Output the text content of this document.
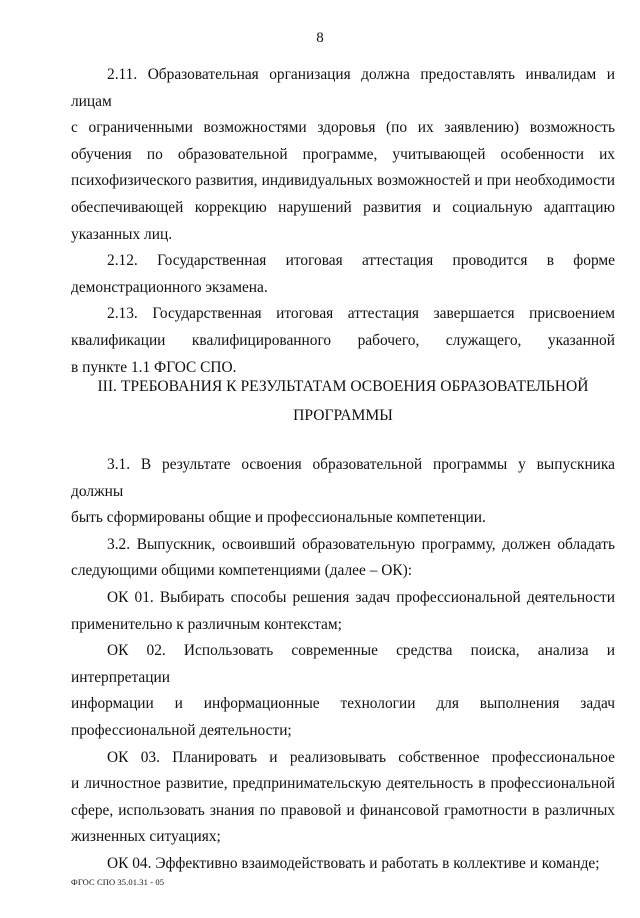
8
2.11. Образовательная организация должна предоставлять инвалидам и лицам
с ограниченными возможностями здоровья (по их заявлению) возможность
обучения по образовательной программе, учитывающей особенности их
психофизического развития, индивидуальных возможностей и при необходимости
обеспечивающей коррекцию нарушений развития и социальную адаптацию
указанных лиц.
2.12. Государственная итоговая аттестация проводится в форме
демонстрационного экзамена.
2.13. Государственная итоговая аттестация завершается присвоением
квалификации квалифицированного рабочего, служащего, указанной
в пункте 1.1 ФГОС СПО.
III. ТРЕБОВАНИЯ К РЕЗУЛЬТАТАМ ОСВОЕНИЯ ОБРАЗОВАТЕЛЬНОЙ
ПРОГРАММЫ
3.1. В результате освоения образовательной программы у выпускника должны
быть сформированы общие и профессиональные компетенции.
3.2. Выпускник, освоивший образовательную программу, должен обладать
следующими общими компетенциями (далее – ОК):
ОК 01. Выбирать способы решения задач профессиональной деятельности
применительно к различным контекстам;
ОК 02. Использовать современные средства поиска, анализа и интерпретации
информации и информационные технологии для выполнения задач
профессиональной деятельности;
ОК 03. Планировать и реализовывать собственное профессиональное
и личностное развитие, предпринимательскую деятельность в профессиональной
сфере, использовать знания по правовой и финансовой грамотности в различных
жизненных ситуациях;
ОК 04. Эффективно взаимодействовать и работать в коллективе и команде;
ФГОС СПО 35.01.31 - 05
